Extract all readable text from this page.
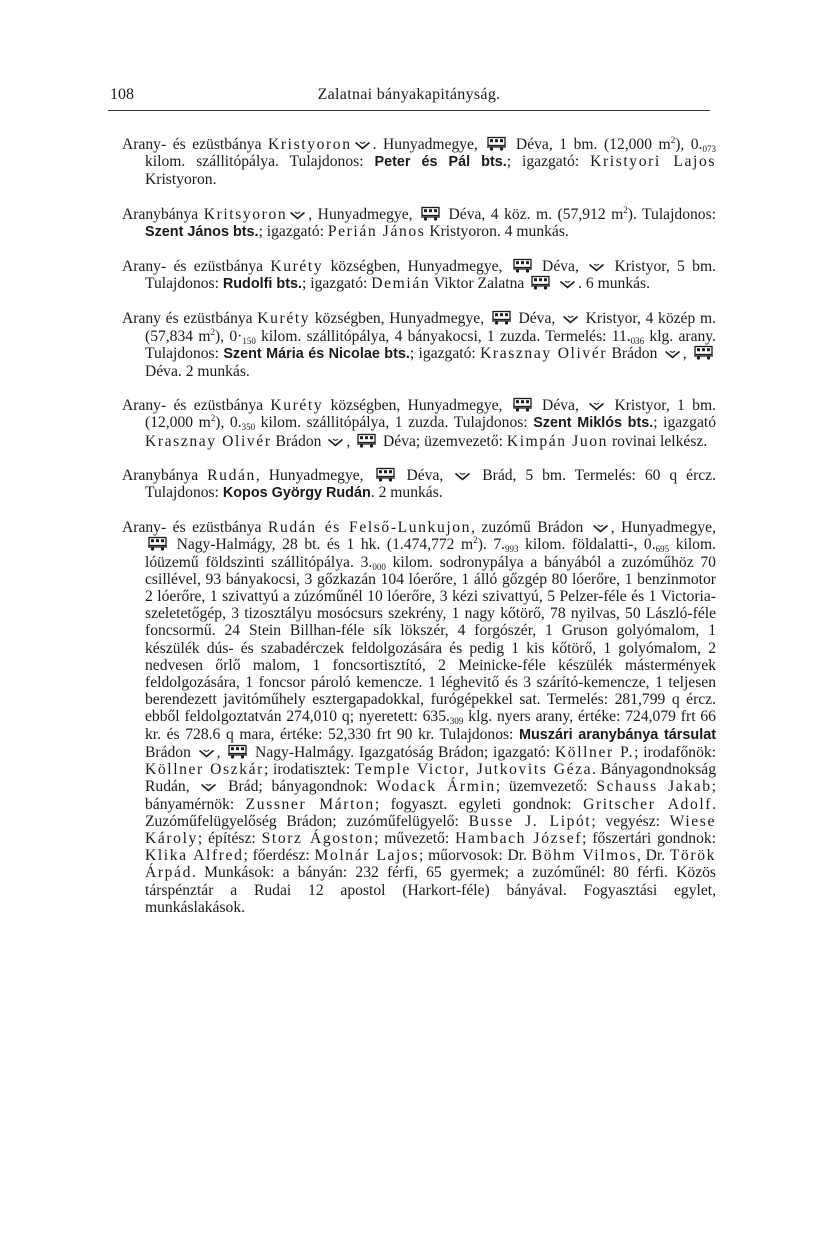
108	Zalatnai bányakapitányság.

Arany- és ezüstbánya Kristyoron . Hunyadmegye,
Déva, 1 bm. (12,000 $m^2$), $0._{073}$ kilom. szállitópálya. Tulajdonos: Peter és Pál bts.; igazgató: Kristyori Lajos Kristyoron.

Aranybánya Kritsyoron , Hunyadmegye,
Déva, 4 köz. m. (57,912 $m^2$). Tulajdonos: Szent János bts.; igazgató: Perián János Kristyoron. 4 munkás.

Arany- és ezüstbánya Kuréty községben, Hunyadmegye,
Déva,
Kristyor, 5 bm. Tulajdonos: Rudolfi bts.; igazgató: Demián Viktor Zalatna
	. 6 munkás.

Arany és ezüstbánya Kuréty községben, Hunyadmegye,
Déva,
Kristyor, 4 közép m. (57,834 $m^2$), $0\cdot_{150}$ kilom. szállitópálya, 4 bányakocsi, 1 zuzda. Termelés: $11._{036}$ klg. arany. Tulajdonos: Szent Mária és Nicolae bts.; igazgató: Krasznay Olivér Brádon
,
Déva. 2 munkás.

Arany- és ezüstbánya Kuréty községben, Hunyadmegye,
Déva,
Kristyor, 1 bm. (12,000 $m^2$), $0._{350}$ kilom. szállitópálya, 1 zuzda. Tulajdonos: Szent Miklós bts.; igazgató Krasznay Olivér Brádon
,
Déva; üzemvezető: Kimpán Juon rovinai lelkész.

Aranybánya Rudán, Hunyadmegye,
Déva,
Brád, 5 bm. Termelés: 60 q ércz. Tulajdonos: Kopos György Rudán. 2 munkás.

Arany- és ezüstbánya Rudán és Felső-Lunkujon, zuzómű Brádon
, Hunyadmegye,
Nagy-Halmágy, 28 bt. és 1 hk. (1.474,772 $m^2$). $7._{993}$ kilom. földalatti-, $0._{695}$ kilom. lóüzemű földszinti szállitópálya. $3._{000}$ kilom. sodronypálya a bányából a zuzóműhöz 70 csillével, 93 bányakocsi, 3 gőzkazán 104 lóerőre, 1 álló gőzgép 80 lóerőre, 1 benzinmotor 2 lóerőre, 1 szivattyú a zúzóműnél 10 lóerőre, 3 kézi szivattyú, 5 Pelzer-féle és 1 Victoria-szeletetőgép, 3 tizosztályu mosócsurs szekrény, 1 nagy kőtörő, 78 nyilvas, 50 László-féle foncsormű. 24 Stein Billhan-féle sík lökszér, 4 forgószér, 1 Gruson golyómalom, 1 készülék dús- és szabadérczek feldolgozására és pedig 1 kis kőtörő, 1 golyómalom, 2 nedvesen őrlő malom, 1 foncsortisztító, 2 Meinicke-féle készülék mástermények feldolgozására, 1 foncsor pároló kemencze. 1 léghevitő és 3 szárító-kemencze, 1 teljesen berendezett javitóműhely esztergapadokkal, furógépekkel sat. Termelés: 281,799 q ércz. ebből feldolgoztatván 274,010 q; nyeretett: $635._{309}$ klg. nyers arany, értéke: 724,079 frt 66 kr. és 728.6 q mara, értéke: 52,330 frt 90 kr. Tulajdonos: Muszári aranybánya társulat Brádon
,
Nagy-Halmágy. Igazgatóság Brádon; igazgató: Köllner P.; irodafőnök: Köllner Oszkár; irodatisztek: Temple Victor, Jutkovits Géza. Bányagondnokság Rudán,
Brád; bányagondnok: Wodack Ármin; üzemvezető: Schauss Jakab; bányamérnök: Zussner Márton; fogyaszt. egyleti gondnok: Gritscher Adolf. Zuzóműfelügyelőség Brádon; zuzóműfelügyelő: Busse J. Lipót; vegyész: Wiese Károly; építész: Storz Ágoston; művezető: Hambach József; főszertári gondnok: Klika Alfred; főerdész: Molnár Lajos; műorvosok: Dr. Böhm Vilmos, Dr. Török Árpád. Munkások: a bányán: 232 férfi, 65 gyermek; a zuzóműnél: 80 férfi. Közös társpénztár a Rudai 12 apostol (Harkort-féle) bányával. Fogyasztási egylet, munkáslakások.
